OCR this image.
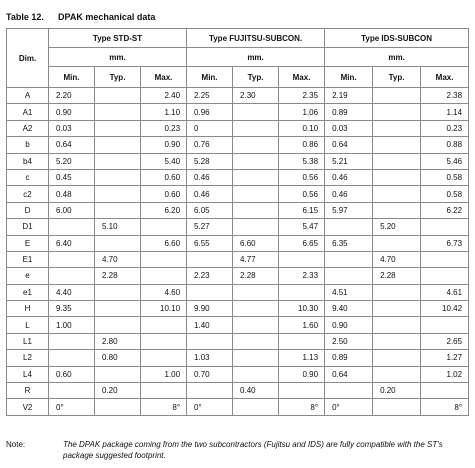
Table 12. DPAK mechanical data
Dim.	Type STD-ST			Type FUJITSU-SUBCON.			Type IDS-SUBCON		
	mm.			mm.			mm.		
	Min.	Typ.	Max.	Min.	Typ.	Max.	Min.	Typ.	Max.
A	2.20		2.40	2.25	2.30	2.35	2.19		2.38
A1	0.90		1.10	0.96		1.06	0.89		1.14
A2	0.03		0.23	0		0.10	0.03		0.23
b	0.64		0.90	0.76		0.86	0.64		0.88
b4	5.20		5.40	5.28		5.38	5.21		5.46
c	0.45		0.60	0.46		0.56	0.46		0.58
c2	0.48		0.60	0.46		0.56	0.46		0.58
D	6.00		6.20	6.05		6.15	5.97		6.22
D1		5.10		5.27		5.47		5.20	
E	6.40		6.60	6.55	6.60	6.65	6.35		6.73
E1		4.70			4.77			4.70	
e		2.28		2.23	2.28	2.33		2.28	
e1	4.40		4.60				4.51		4.61
H	9.35		10.10	9.90		10.30	9.40		10.42
L	1.00			1.40		1.60	0.90		
L1		2.80					2.50		2.65
L2		0.80		1.03		1.13	0.89		1.27
L4	0.60		1.00	0.70		0.90	0.64		1.02
R		0.20			0.40			0.20	
V2	0°		8°	0°		8°	0°		8°
Note:	The DPAK package coming from the two subcontractors (Fujitsu and IDS) are fully compatible with the ST's package suggested footprint.
